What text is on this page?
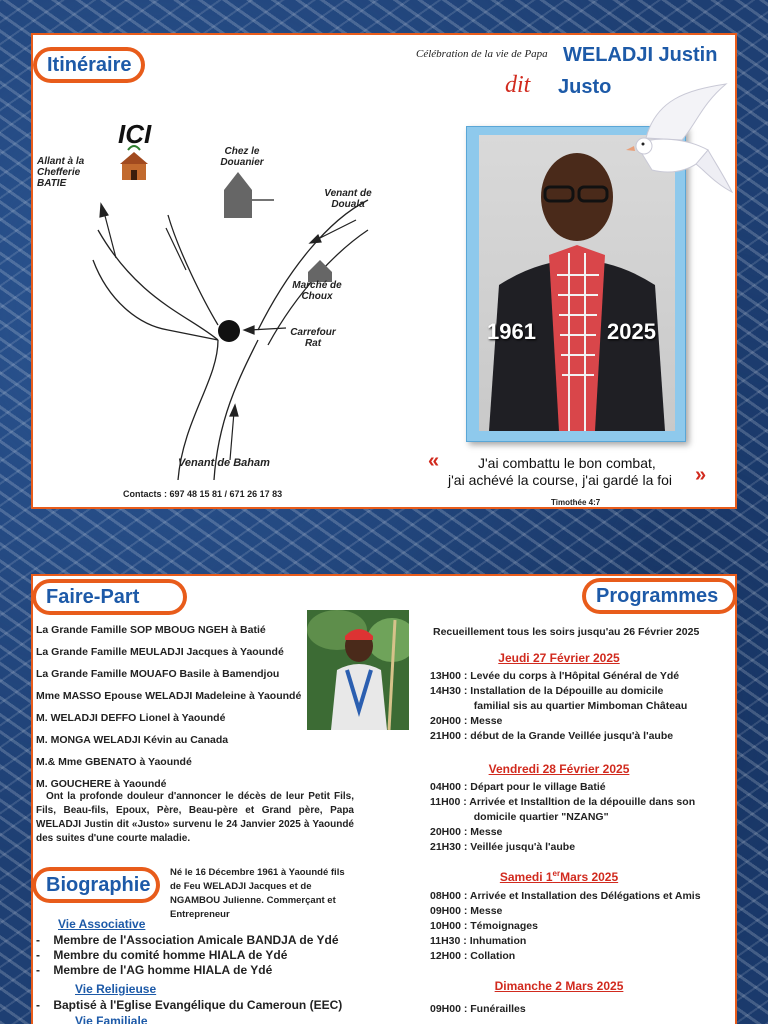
Itinéraire
ICI
Allant à la Chefferie BATIE
Chez le Douanier
Venant de Douala
Marché de Choux
Carrefour Rat
Venant de Baham
Contacts : 697 48 15 81 / 671 26 17 83
Célébration de la vie de Papa WELADJI Justin
dit Justo
1961	2025
«	J'ai combattu le bon combat,
j'ai achévé la course, j'ai gardé la foi »
Timothée 4:7
Faire-Part	Programmes
La Grande Famille SOP MBOUG NGEH à Batié
La Grande Famille MEULADJI Jacques à Yaoundé
La Grande Famille MOUAFO Basile à Bamendjou
Mme MASSO Epouse WELADJI Madeleine à Yaoundé
M. WELADJI DEFFO Lionel à Yaoundé
M. MONGA WELADJI Kévin au Canada
M.& Mme GBENATO à Yaoundé
M. GOUCHERE à Yaoundé
Ont la profonde douleur d'annoncer le décès de leur Petit Fils, Fils, Beau-fils, Epoux, Père, Beau-père et Grand père, Papa WELADJI Justin dit «Justo» survenu le 24 Janvier 2025 à Yaoundé des suites d'une courte maladie.
Biographie
Né le 16 Décembre 1961 à Yaoundé fils de Feu WELADJI Jacques et de NGAMBOU Julienne. Commerçant et Entrepreneur
Vie Associative
-    Membre de l'Association Amicale BANDJA de Ydé
-    Membre du comité homme HIALA de Ydé
-    Membre de l'AG homme HIALA de Ydé
Vie Religieuse
-    Baptisé à l'Eglise Evangélique du Cameroun (EEC)
Vie Familiale
Recueillement tous les soirs jusqu'au 26 Février 2025
Jeudi 27 Février 2025
13H00 : Levée du corps à l'Hôpital Général de Ydé
14H30 : Installation de la Dépouille au domicile
familial sis au quartier Mimboman Château
20H00 : Messe
21H00 : début de la Grande Veillée jusqu'à l'aube
Vendredi 28 Février 2025
04H00 : Départ pour le village Batié
11H00 : Arrivée et Installtion de la dépouille dans son
domicile quartier "NZANG"
20H00 : Messe
21H30 : Veillée jusqu'à l'aube
Samedi 1erMars 2025
08H00 : Arrivée et Installation des Délégations et Amis
09H00 : Messe
10H00 : Témoignages
11H30 : Inhumation
12H00 : Collation
Dimanche 2 Mars 2025
09H00 : Funérailles
